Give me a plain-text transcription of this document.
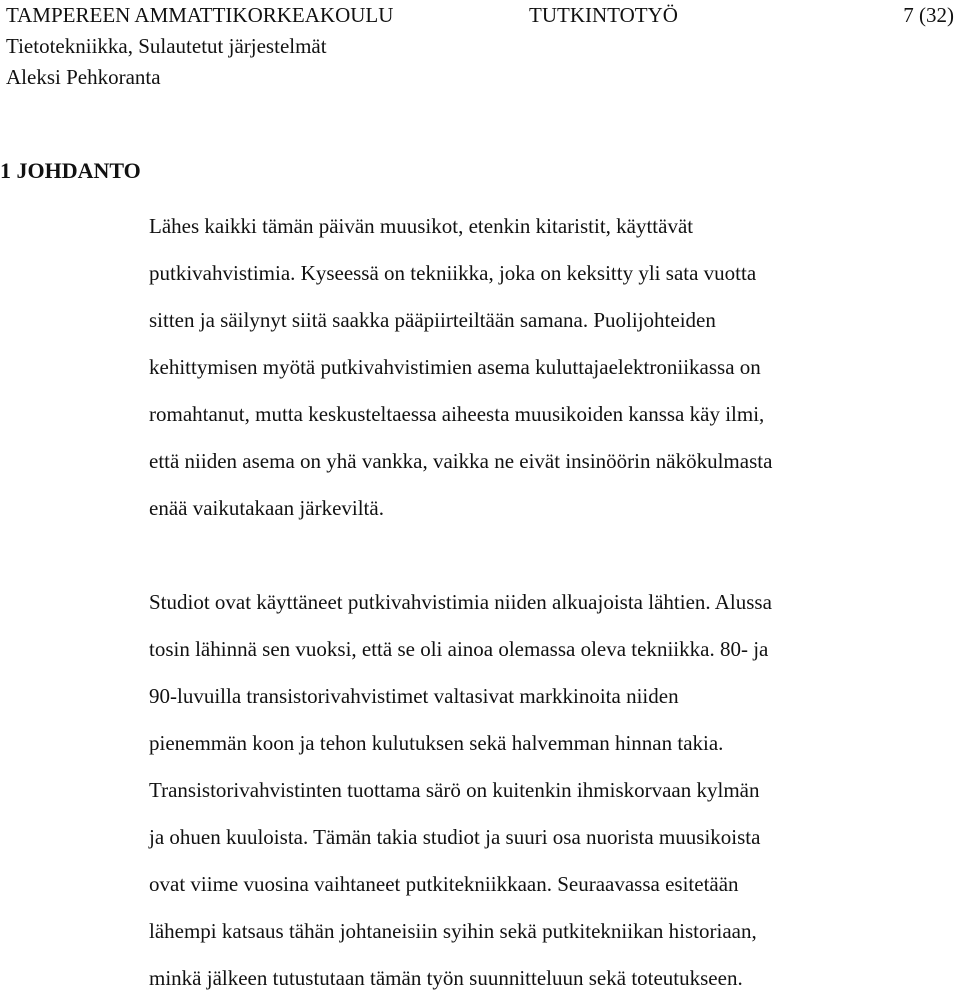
TAMPEREEN AMMATTIKORKEAKOULU	TUTKINTOTYÖ	7 (32)
Tietotekniikka, Sulautetut järjestelmät
Aleksi Pehkoranta
1 JOHDANTO
Lähes kaikki tämän päivän muusikot, etenkin kitaristit, käyttävät
putkivahvistimia. Kyseessä on tekniikka, joka on keksitty yli sata vuotta
sitten ja säilynyt siitä saakka pääpiirteiltään samana. Puolijohteiden
kehittymisen myötä putkivahvistimien asema kuluttajaelektroniikassa on
romahtanut, mutta keskusteltaessa aiheesta muusikoiden kanssa käy ilmi,
että niiden asema on yhä vankka, vaikka ne eivät insinöörin näkökulmasta
enää vaikutakaan järkeviltä.
Studiot ovat käyttäneet putkivahvistimia niiden alkuajoista lähtien. Alussa
tosin lähinnä sen vuoksi, että se oli ainoa olemassa oleva tekniikka. 80- ja
90-luvuilla transistorivahvistimet valtasivat markkinoita niiden
pienemmän koon ja tehon kulutuksen sekä halvemman hinnan takia.
Transistorivahvistinten tuottama särö on kuitenkin ihmiskorvaan kylmän
ja ohuen kuuloista. Tämän takia studiot ja suuri osa nuorista muusikoista
ovat viime vuosina vaihtaneet putkitekniikkaan. Seuraavassa esitetään
lähempi katsaus tähän johtaneisiin syihin sekä putkitekniikan historiaan,
minkä jälkeen tutustutaan tämän työn suunnitteluun sekä toteutukseen.
